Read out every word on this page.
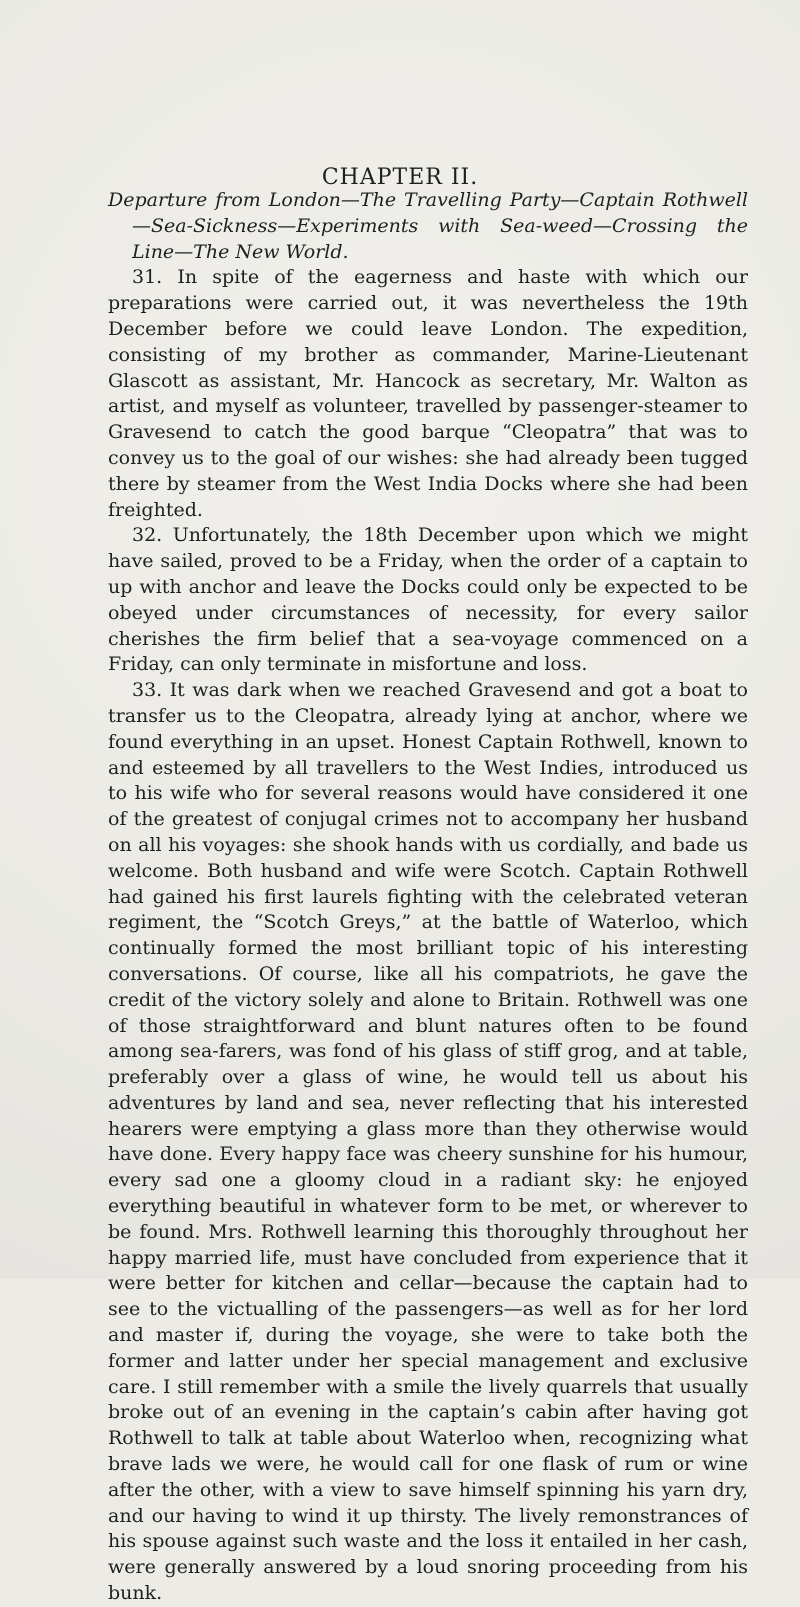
CHAPTER II.

Departure from London—The Travelling Party—Captain Rothwell—Sea-Sickness—Experiments with Sea-weed—Crossing the Line—The New World.

31. In spite of the eagerness and haste with which our preparations were carried out, it was nevertheless the 19th December before we could leave London. The expedition, consisting of my brother as commander, Marine-Lieutenant Glascott as assistant, Mr. Hancock as secretary, Mr. Walton as artist, and myself as volunteer, travelled by passenger-steamer to Gravesend to catch the good barque “Cleopatra” that was to convey us to the goal of our wishes: she had already been tugged there by steamer from the West India Docks where she had been freighted.

32. Unfortunately, the 18th December upon which we might have sailed, proved to be a Friday, when the order of a captain to up with anchor and leave the Docks could only be expected to be obeyed under circumstances of necessity, for every sailor cherishes the firm belief that a sea-voyage commenced on a Friday, can only terminate in misfortune and loss.

33. It was dark when we reached Gravesend and got a boat to transfer us to the Cleopatra, already lying at anchor, where we found everything in an upset. Honest Captain Rothwell, known to and esteemed by all travellers to the West Indies, introduced us to his wife who for several reasons would have considered it one of the greatest of conjugal crimes not to accompany her husband on all his voyages: she shook hands with us cordially, and bade us welcome. Both husband and wife were Scotch. Captain Rothwell had gained his first laurels fighting with the celebrated veteran regiment, the “Scotch Greys,” at the battle of Waterloo, which continually formed the most brilliant topic of his interesting conversations. Of course, like all his compatriots, he gave the credit of the victory solely and alone to Britain. Rothwell was one of those straightforward and blunt natures often to be found among sea-farers, was fond of his glass of stiff grog, and at table, preferably over a glass of wine, he would tell us about his adventures by land and sea, never reflecting that his interested hearers were emptying a glass more than they otherwise would have done. Every happy face was cheery sunshine for his humour, every sad one a gloomy cloud in a radiant sky: he enjoyed everything beautiful in whatever form to be met, or wherever to be found. Mrs. Rothwell learning this thoroughly throughout her happy married life, must have concluded from experience that it were better for kitchen and cellar—because the captain had to see to the victualling of the passengers—as well as for her lord and master if, during the voyage, she were to take both the former and latter under her special management and exclusive care. I still remember with a smile the lively quarrels that usually broke out of an evening in the captain’s cabin after having got Rothwell to talk at table about Waterloo when, recognizing what brave lads we were, he would call for one flask of rum or wine after the other, with a view to save himself spinning his yarn dry, and our having to wind it up thirsty. The lively remonstrances of his spouse against such waste and the loss it entailed in her cash, were generally answered by a loud snoring proceeding from his bunk.
